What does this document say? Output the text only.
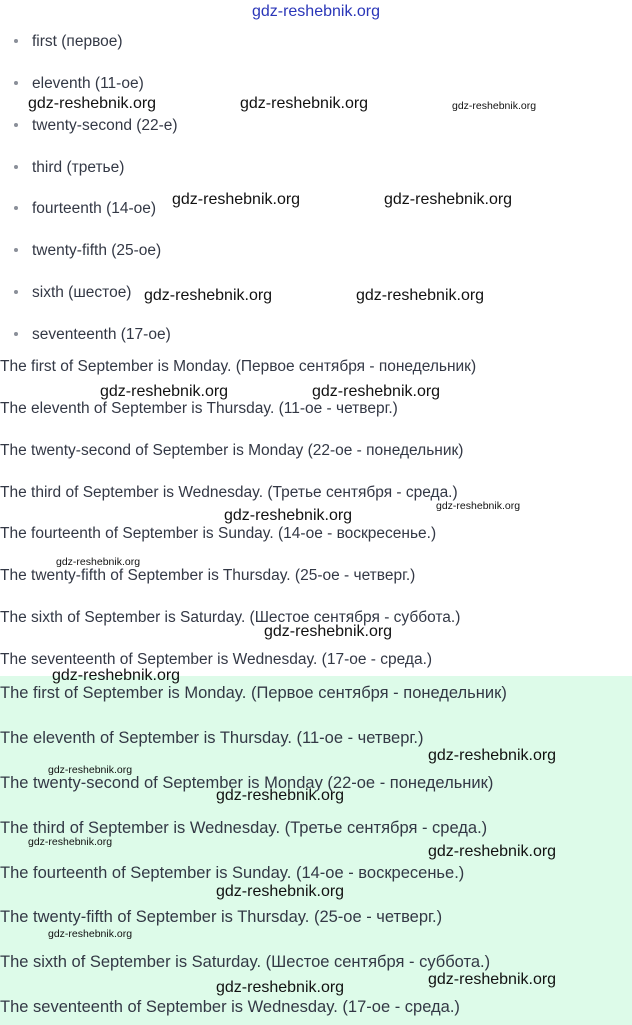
gdz-reshebnik.org
first (первое)
eleventh (11-ое)
twenty-second (22-е)
third (третье)
fourteenth (14-ое)
twenty-fifth (25-ое)
sixth (шестое)
seventeenth (17-ое)
The first of September is Monday. (Первое сентября - понедельник)
The eleventh of September is Thursday. (11-ое - четверг.)
The twenty-second of September is Monday (22-ое - понедельник)
The third of September is Wednesday. (Третье сентября - среда.)
The fourteenth of September is Sunday. (14-ое - воскресенье.)
The twenty-fifth of September is Thursday. (25-ое - четверг.)
The sixth of September is Saturday. (Шестое сентября - суббота.)
The seventeenth of September is Wednesday. (17-ое - среда.)
The first of September is Monday. (Первое сентября - понедельник)
The eleventh of September is Thursday. (11-ое - четверг.)
The twenty-second of September is Monday (22-ое - понедельник)
The third of September is Wednesday. (Третье сентября - среда.)
The fourteenth of September is Sunday. (14-ое - воскресенье.)
The twenty-fifth of September is Thursday. (25-ое - четверг.)
The sixth of September is Saturday. (Шестое сентября - суббота.)
The seventeenth of September is Wednesday. (17-ое - среда.)
gdz-reshebnik.org	gdz-reshebnik.org	gdz-reshebnik.org
gdz-reshebnik.org	gdz-reshebnik.org
gdz-reshebnik.org	gdz-reshebnik.org
gdz-reshebnik.org	gdz-reshebnik.org
gdz-reshebnik.org
gdz-reshebnik.org
gdz-reshebnik.org
gdz-reshebnik.org
gdz-reshebnik.org
gdz-reshebnik.org
gdz-reshebnik.org
gdz-reshebnik.org
gdz-reshebnik.org
gdz-reshebnik.org
gdz-reshebnik.org
gdz-reshebnik.org
gdz-reshebnik.org
gdz-reshebnik.org
